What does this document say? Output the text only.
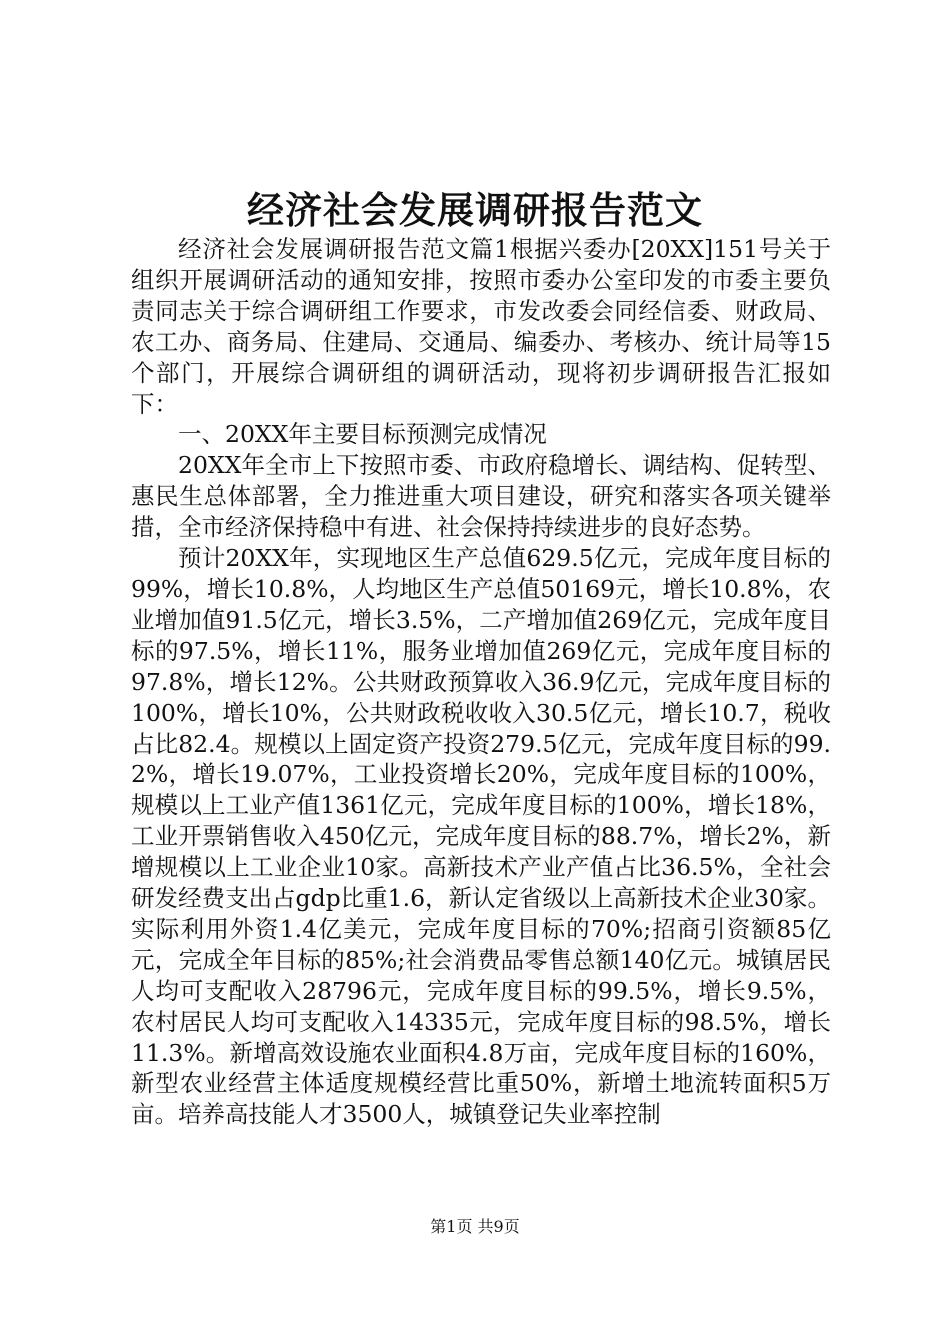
经济社会发展调研报告范文

经济社会发展调研报告范文篇1根据兴委办[20XX]151号关于组织开展调研活动的通知安排，按照市委办公室印发的市委主要负责同志关于综合调研组工作要求，市发改委会同经信委、财政局、农工办、商务局、住建局、交通局、编委办、考核办、统计局等15个部门，开展综合调研组的调研活动，现将初步调研报告汇报如下：

一、20XX年主要目标预测完成情况

20XX年全市上下按照市委、市政府稳增长、调结构、促转型、惠民生总体部署，全力推进重大项目建设，研究和落实各项关键举措，全市经济保持稳中有进、社会保持持续进步的良好态势。

预计20XX年，实现地区生产总值629.5亿元，完成年度目标的99%，增长10.8%，人均地区生产总值50169元，增长10.8%，农业增加值91.5亿元，增长3.5%，二产增加值269亿元，完成年度目标的97.5%，增长11%，服务业增加值269亿元，完成年度目标的97.8%，增长12%。公共财政预算收入36.9亿元，完成年度目标的100%，增长10%，公共财政税收收入30.5亿元，增长10.7，税收占比82.4。规模以上固定资产投资279.5亿元，完成年度目标的99.2%，增长19.07%，工业投资增长20%，完成年度目标的100%，规模以上工业产值1361亿元，完成年度目标的100%，增长18%，工业开票销售收入450亿元，完成年度目标的88.7%，增长2%，新增规模以上工业企业10家。高新技术产业产值占比36.5%，全社会研发经费支出占gdp比重1.6，新认定省级以上高新技术企业30家。实际利用外资1.4亿美元，完成年度目标的70%;招商引资额85亿元，完成全年目标的85%;社会消费品零售总额140亿元。城镇居民人均可支配收入28796元，完成年度目标的99.5%，增长9.5%，农村居民人均可支配收入14335元，完成年度目标的98.5%，增长11.3%。新增高效设施农业面积4.8万亩，完成年度目标的160%，新型农业经营主体适度规模经营比重50%，新增土地流转面积5万亩。培养高技能人才3500人，城镇登记失业率控制

第1页 共9页
